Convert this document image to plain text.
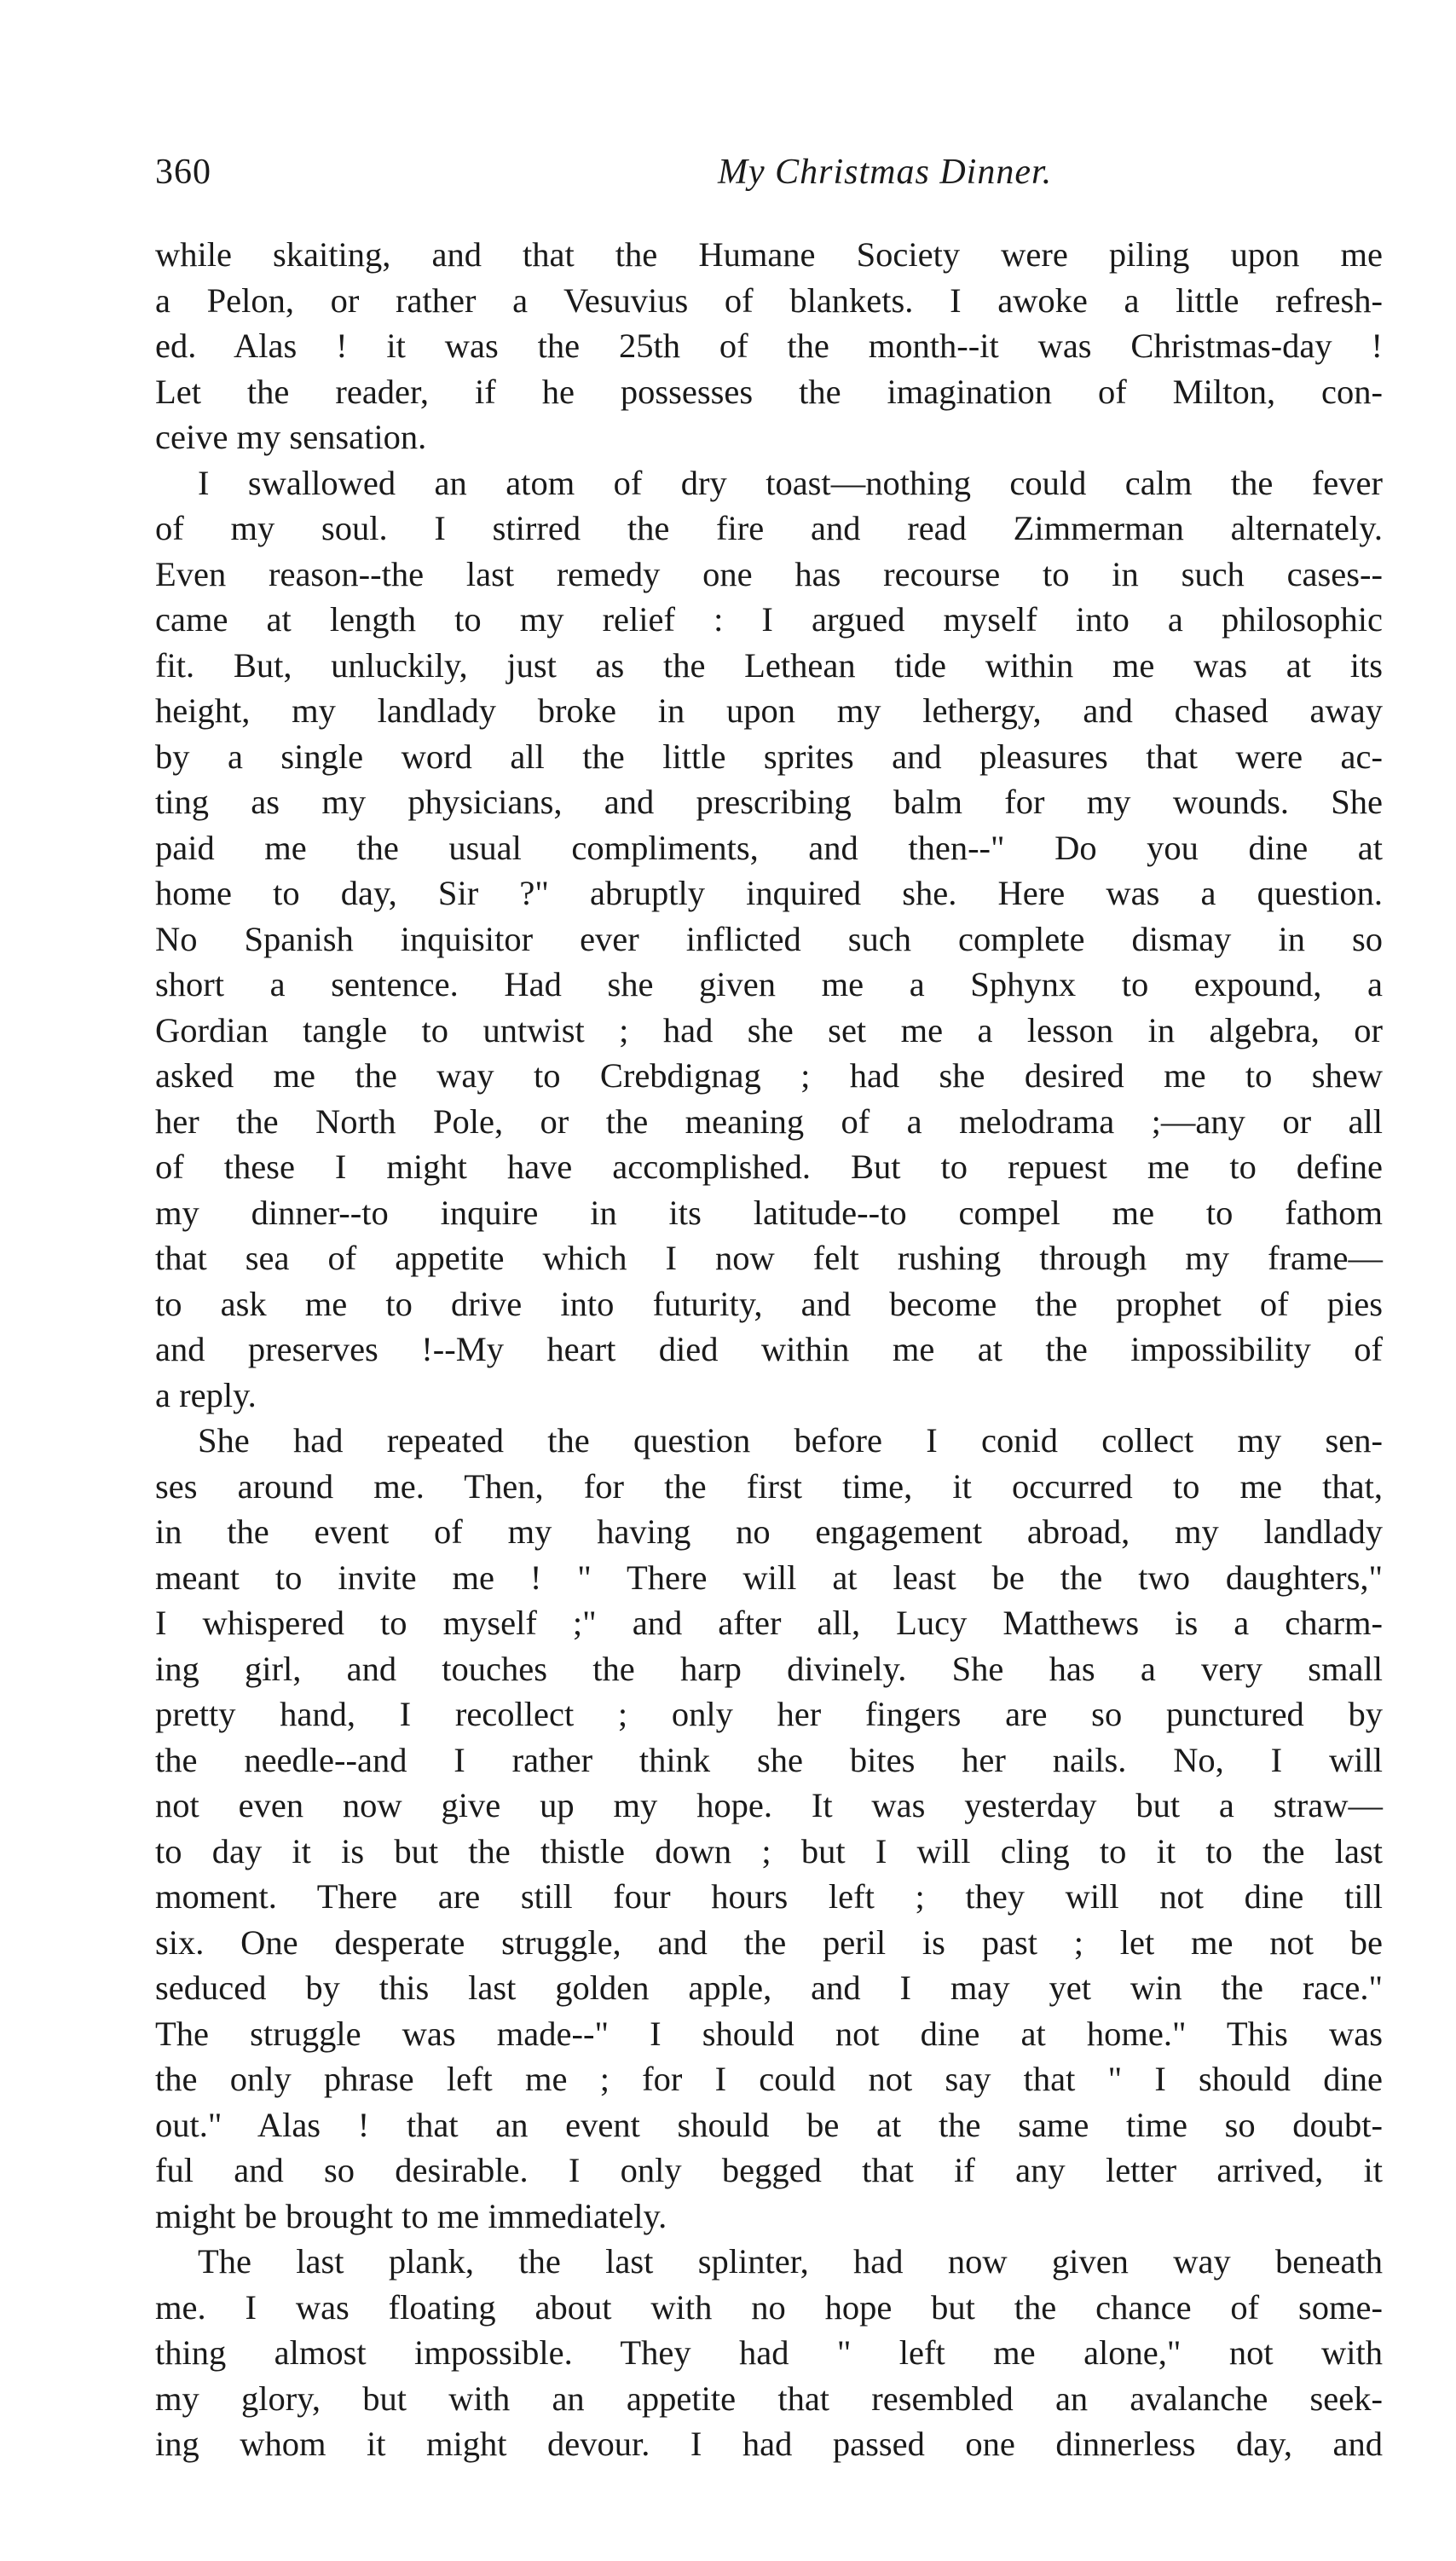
360	My Christmas Dinner.
while skaiting, and that the Humane Society were piling upon me
a Pelon, or rather a Vesuvius of blankets. I awoke a little refresh-
ed. Alas ! it was the 25th of the month--it was Christmas-day !
Let the reader, if he possesses the imagination of Milton, con-
ceive my sensation.
I swallowed an atom of dry toast—nothing could calm the fever
of my soul. I stirred the fire and read Zimmerman alternately.
Even reason--the last remedy one has recourse to in such cases--
came at length to my relief : I argued myself into a philosophic
fit. But, unluckily, just as the Lethean tide within me was at its
height, my landlady broke in upon my lethergy, and chased away
by a single word all the little sprites and pleasures that were ac-
ting as my physicians, and prescribing balm for my wounds. She
paid me the usual compliments, and then--" Do you dine at
home to day, Sir ?" abruptly inquired she. Here was a question.
No Spanish inquisitor ever inflicted such complete dismay in so
short a sentence. Had she given me a Sphynx to expound, a
Gordian tangle to untwist ; had she set me a lesson in algebra, or
asked me the way to Crebdignag ; had she desired me to shew
her the North Pole, or the meaning of a melodrama ;—any or all
of these I might have accomplished. But to repuest me to define
my dinner--to inquire in its latitude--to compel me to fathom
that sea of appetite which I now felt rushing through my frame—
to ask me to drive into futurity, and become the prophet of pies
and preserves !--My heart died within me at the impossibility of
a reply.
She had repeated the question before I conid collect my sen-
ses around me. Then, for the first time, it occurred to me that,
in the event of my having no engagement abroad, my landlady
meant to invite me ! " There will at least be the two daughters,"
I whispered to myself ;" and after all, Lucy Matthews is a charm-
ing girl, and touches the harp divinely. She has a very small
pretty hand, I recollect ; only her fingers are so punctured by
the needle--and I rather think she bites her nails. No, I will
not even now give up my hope. It was yesterday but a straw—
to day it is but the thistle down ; but I will cling to it to the last
moment. There are still four hours left ; they will not dine till
six. One desperate struggle, and the peril is past ; let me not be
seduced by this last golden apple, and I may yet win the race."
The struggle was made--" I should not dine at home." This was
the only phrase left me ; for I could not say that " I should dine
out." Alas ! that an event should be at the same time so doubt-
ful and so desirable. I only begged that if any letter arrived, it
might be brought to me immediately.
The last plank, the last splinter, had now given way beneath
me. I was floating about with no hope but the chance of some-
thing almost impossible. They had " left me alone," not with
my glory, but with an appetite that resembled an avalanche seek-
ing whom it might devour. I had passed one dinnerless day, and
